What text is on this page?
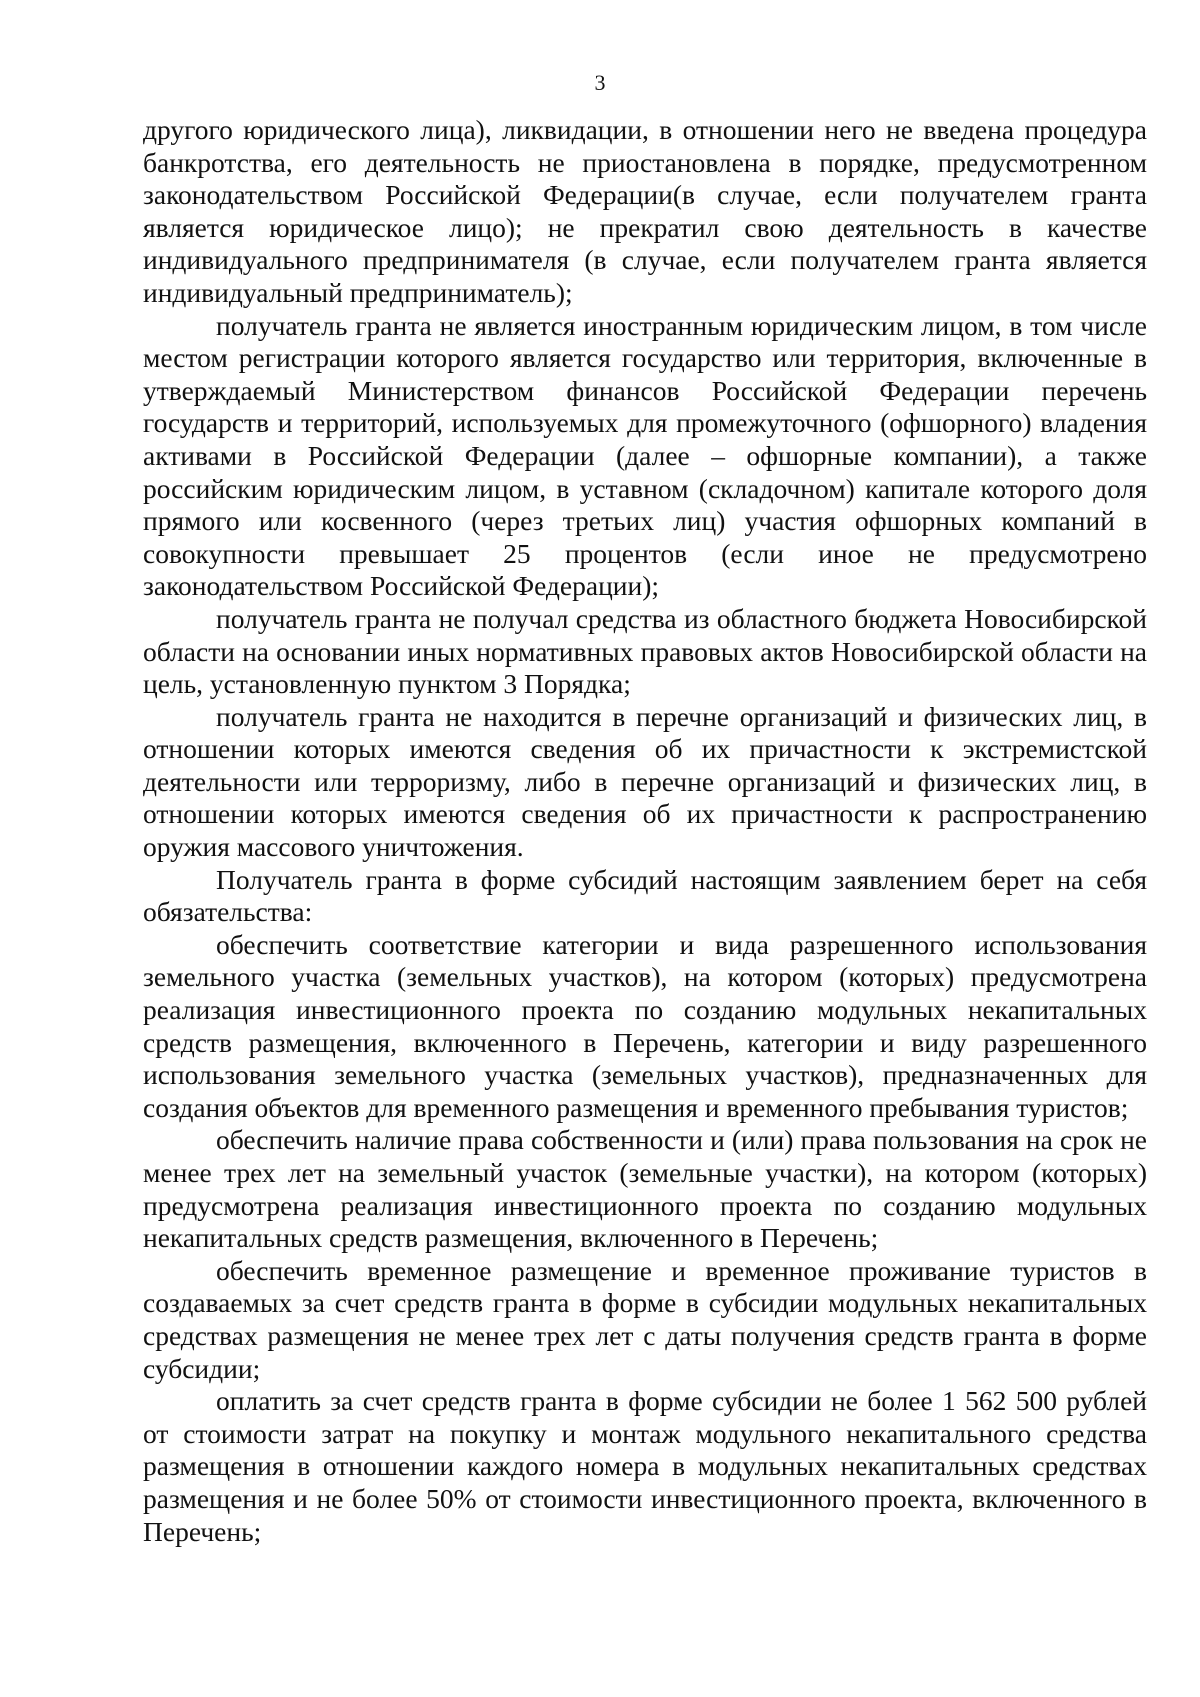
3

другого юридического лица), ликвидации, в отношении него не введена процедура банкротства, его деятельность не приостановлена в порядке, предусмотренном законодательством Российской Федерации(в случае, если получателем гранта является юридическое лицо); не прекратил свою деятельность в качестве индивидуального предпринимателя (в случае, если получателем гранта является индивидуальный предприниматель);

получатель гранта не является иностранным юридическим лицом, в том числе местом регистрации которого является государство или территория, включенные в утверждаемый Министерством финансов Российской Федерации перечень государств и территорий, используемых для промежуточного (офшорного) владения активами в Российской Федерации (далее – офшорные компании), а также российским юридическим лицом, в уставном (складочном) капитале которого доля прямого или косвенного (через третьих лиц) участия офшорных компаний в совокупности превышает 25 процентов (если иное не предусмотрено законодательством Российской Федерации);

получатель гранта не получал средства из областного бюджета Новосибирской области на основании иных нормативных правовых актов Новосибирской области на цель, установленную пунктом 3 Порядка;

получатель гранта не находится в перечне организаций и физических лиц, в отношении которых имеются сведения об их причастности к экстремистской деятельности или терроризму, либо в перечне организаций и физических лиц, в отношении которых имеются сведения об их причастности к распространению оружия массового уничтожения.

Получатель гранта в форме субсидий настоящим заявлением берет на себя обязательства:

обеспечить соответствие категории и вида разрешенного использования земельного участка (земельных участков), на котором (которых) предусмотрена реализация инвестиционного проекта по созданию модульных некапитальных средств размещения, включенного в Перечень, категории и виду разрешенного использования земельного участка (земельных участков), предназначенных для создания объектов для временного размещения и временного пребывания туристов;

обеспечить наличие права собственности и (или) права пользования на срок не менее трех лет на земельный участок (земельные участки), на котором (которых) предусмотрена реализация инвестиционного проекта по созданию модульных некапитальных средств размещения, включенного в Перечень;

обеспечить временное размещение и временное проживание туристов в создаваемых за счет средств гранта в форме в субсидии модульных некапитальных средствах размещения не менее трех лет с даты получения средств гранта в форме субсидии;

оплатить за счет средств гранта в форме субсидии не более 1 562 500 рублей от стоимости затрат на покупку и монтаж модульного некапитального средства размещения в отношении каждого номера в модульных некапитальных средствах размещения и не более 50% от стоимости инвестиционного проекта, включенного в Перечень;
